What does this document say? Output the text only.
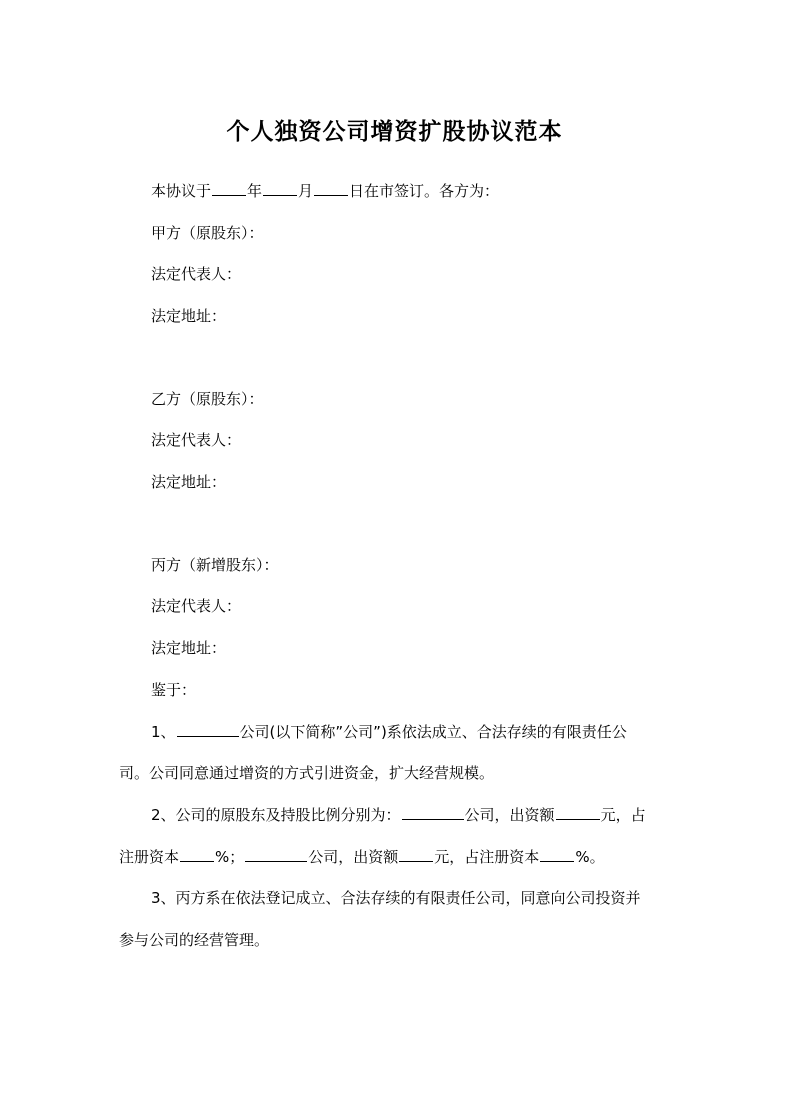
个人独资公司增资扩股协议范本
本协议于 年 月 日在市签订。各方为：
甲方（原股东）：
法定代表人：
法定地址：
乙方（原股东）：
法定代表人：
法定地址：
丙方（新增股东）：
法定代表人：
法定地址：
鉴于：
1、	公司(以下简称”公司”)系依法成立、合法存续的有限责任公
司。公司同意通过增资的方式引进资金，扩大经营规模。
2、公司的原股东及持股比例分别为：	公司，出资额	元，占
注册资本 %；	公司，出资额 元，占注册资本 %。
3、丙方系在依法登记成立、合法存续的有限责任公司，同意向公司投资并
参与公司的经营管理。
